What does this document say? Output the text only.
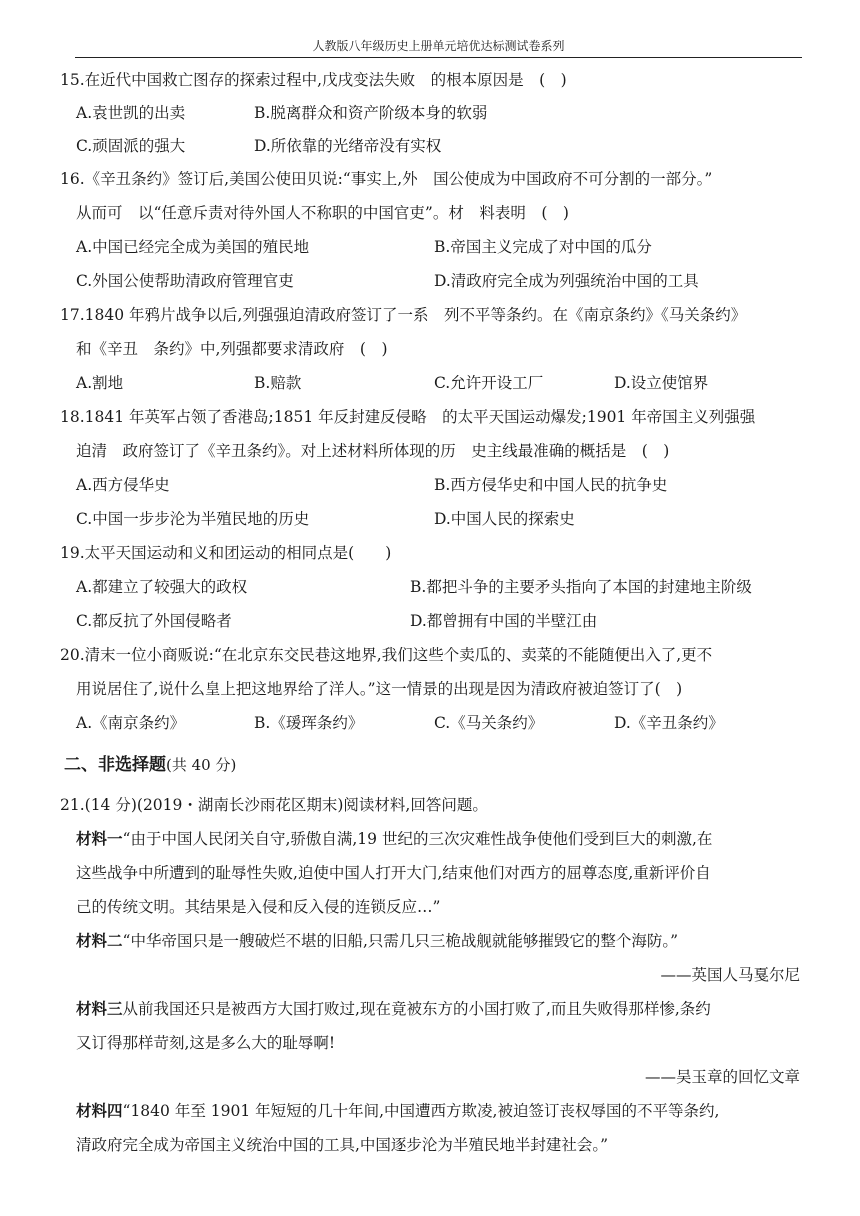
人教版八年级历史上册单元培优达标测试卷系列
15.在近代中国救亡图存的探索过程中,戊戌变法失败　的根本原因是　(　)
A.袁世凯的出卖	B.脱离群众和资产阶级本身的软弱
C.顽固派的强大	D.所依靠的光绪帝没有实权
16.《辛丑条约》签订后,美国公使田贝说:“事实上,外　国公使成为中国政府不可分割的一部分。”
从而可　以“任意斥责对待外国人不称职的中国官吏”。材　料表明　(　)
A.中国已经完全成为美国的殖民地	B.帝国主义完成了对中国的瓜分
C.外国公使帮助清政府管理官吏	D.清政府完全成为列强统治中国的工具
17.1840 年鸦片战争以后,列强强迫清政府签订了一系　列不平等条约。在《南京条约》《马关条约》
和《辛丑　条约》中,列强都要求清政府　(　)
A.割地	B.赔款	C.允许开设工厂	D.设立使馆界
18.1841 年英军占领了香港岛;1851 年反封建反侵略　的太平天国运动爆发;1901 年帝国主义列强强
迫清　政府签订了《辛丑条约》。对上述材料所体现的历　史主线最准确的概括是　(　)
A.西方侵华史	B.西方侵华史和中国人民的抗争史
C.中国一步步沦为半殖民地的历史	D.中国人民的探索史
19.太平天国运动和义和团运动的相同点是(　　)
A.都建立了较强大的政权	B.都把斗争的主要矛头指向了本国的封建地主阶级
C.都反抗了外国侵略者	D.都曾拥有中国的半壁江由
20.清末一位小商贩说:“在北京东交民巷这地界,我们这些个卖瓜的、卖菜的不能随便出入了,更不
用说居住了,说什么皇上把这地界给了洋人。”这一情景的出现是因为清政府被迫签订了(　)
A.《南京条约》	B.《瑗珲条约》	C.《马关条约》	D.《辛丑条约》
二、非选择题(共 40 分)
21.(14 分)(2019・湖南长沙雨花区期末)阅读材料,回答问题。
材料一“由于中国人民闭关自守,骄傲自满,19 世纪的三次灾难性战争使他们受到巨大的刺激,在
这些战争中所遭到的耻辱性失败,迫使中国人打开大门,结束他们对西方的屈尊态度,重新评价自
己的传统文明。其结果是入侵和反入侵的连锁反应…”
材料二“中华帝国只是一艘破烂不堪的旧船,只需几只三桅战舰就能够摧毁它的整个海防。”
——英国人马戛尔尼
材料三从前我国还只是被西方大国打败过,现在竟被东方的小国打败了,而且失败得那样惨,条约
又订得那样苛刻,这是多么大的耻辱啊!
——吴玉章的回忆文章
材料四“1840 年至 1901 年短短的几十年间,中国遭西方欺凌,被迫签订丧权辱国的不平等条约,
清政府完全成为帝国主义统治中国的工具,中国逐步沦为半殖民地半封建社会。”
